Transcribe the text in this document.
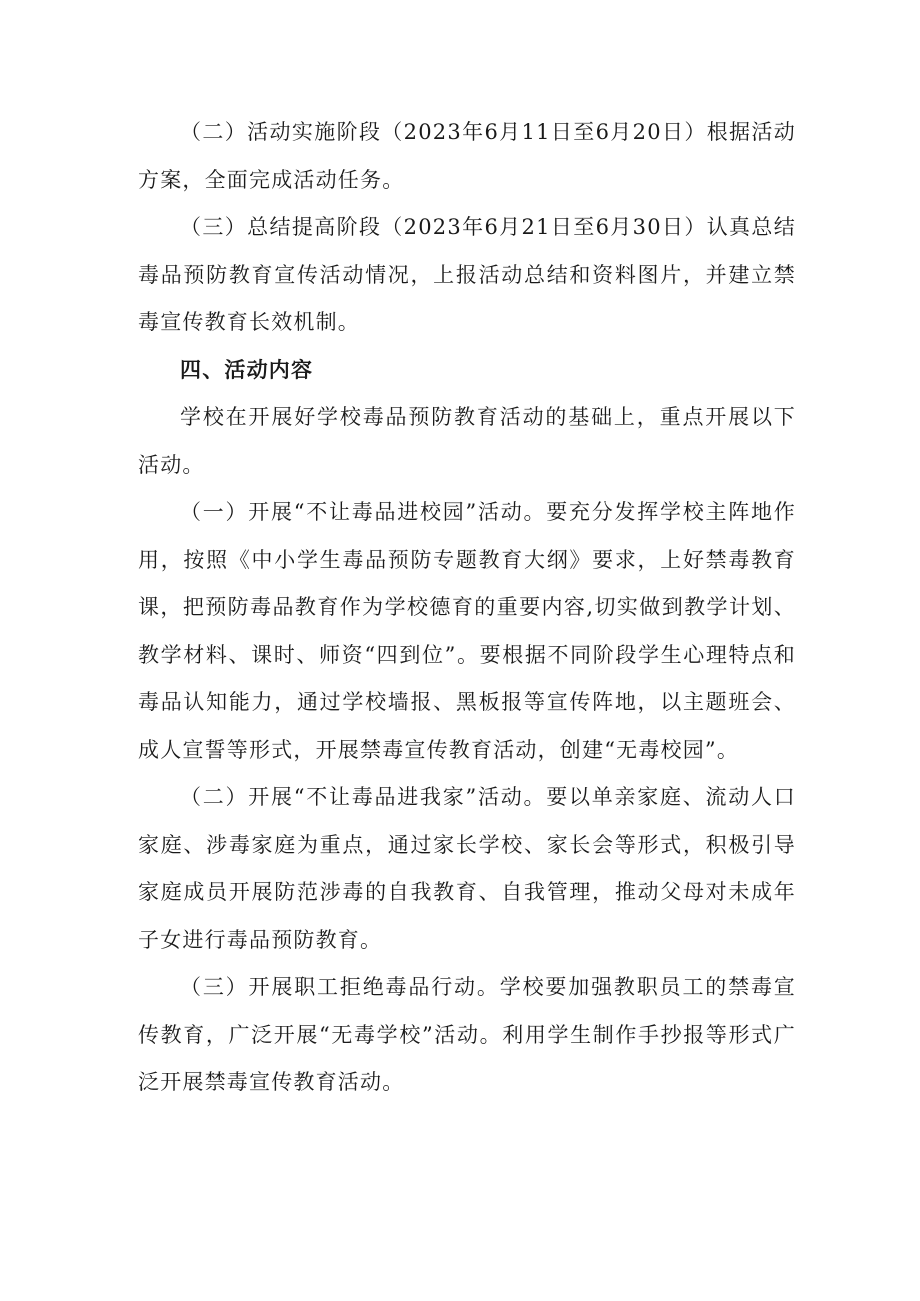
（二）活动实施阶段（2023年6月11日至6月20日）根据活动方案，全面完成活动任务。

（三）总结提高阶段（2023年6月21日至6月30日）认真总结毒品预防教育宣传活动情况，上报活动总结和资料图片，并建立禁毒宣传教育长效机制。

四、活动内容

学校在开展好学校毒品预防教育活动的基础上，重点开展以下活动。

（一）开展“不让毒品进校园”活动。要充分发挥学校主阵地作用，按照《中小学生毒品预防专题教育大纲》要求，上好禁毒教育课，把预防毒品教育作为学校德育的重要内容,切实做到教学计划、教学材料、课时、师资“四到位”。要根据不同阶段学生心理特点和毒品认知能力，通过学校墙报、黑板报等宣传阵地，以主题班会、成人宣誓等形式，开展禁毒宣传教育活动，创建“无毒校园”。

（二）开展“不让毒品进我家”活动。要以单亲家庭、流动人口家庭、涉毒家庭为重点，通过家长学校、家长会等形式，积极引导家庭成员开展防范涉毒的自我教育、自我管理，推动父母对未成年子女进行毒品预防教育。

（三）开展职工拒绝毒品行动。学校要加强教职员工的禁毒宣传教育，广泛开展“无毒学校”活动。利用学生制作手抄报等形式广泛开展禁毒宣传教育活动。
